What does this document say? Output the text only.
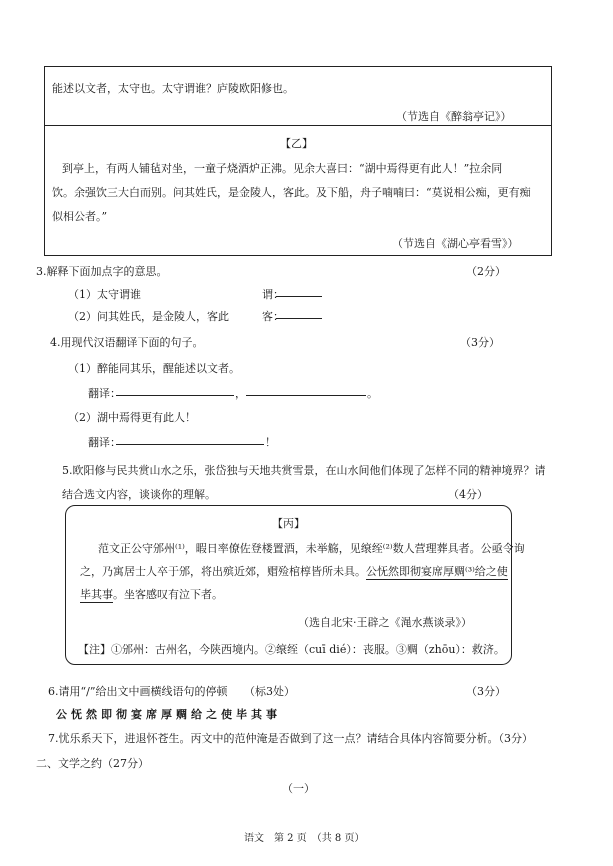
能述以文者，太守也。太守谓谁？庐陵欧阳修也。
（节选自《醉翁亭记》）
【乙】
到亭上，有两人铺毡对坐，一童子烧酒炉正沸。见余大喜曰：“湖中焉得更有此人！”拉余同
饮。余强饮三大白而别。问其姓氏，是金陵人，客此。及下船，舟子喃喃曰：“莫说相公痴，更有痴
似相公者。”
（节选自《湖心亭看雪》）
3.解释下面加点字的意思。	（2分）
（1）太守谓谁	谓：
（2）问其姓氏，是金陵人，客此	客：
4.用现代汉语翻译下面的句子。	（3分）
（1）醉能同其乐，醒能述以文者。
翻译：	，	。
（2）湖中焉得更有此人！
翻译：	！
5.欧阳修与民共赏山水之乐，张岱独与天地共赏雪景，在山水间他们体现了怎样不同的精神境界？请
结合选文内容，谈谈你的理解。	（4分）
【丙】
范文正公守邠州⁽¹⁾，暇日率僚佐登楼置酒，未举觞，见缞绖⁽²⁾数人营理葬具者。公亟令询
之，乃寓居士人卒于邠，将出殡近郊，赗殓棺椁皆所未具。公怃然即彻宴席厚赒⁽³⁾给之使
毕其事。坐客感叹有泣下者。
（选自北宋·王辟之《渑水燕谈录》）
【注】①邠州：古州名，今陕西境内。②缞绖（cuī dié）：丧服。③赒（zhōu）：救济。
6.请用“/”给出文中画横线语句的停顿　　（标3处）	（3分）
公怃然即彻宴席厚赒给之使毕其事
7.忧乐系天下，进退怀苍生。丙文中的范仲淹是否做到了这一点？请结合具体内容简要分析。（3分）
二、文学之约（27分）
（一）
语文　第 2 页　（共 8 页）
